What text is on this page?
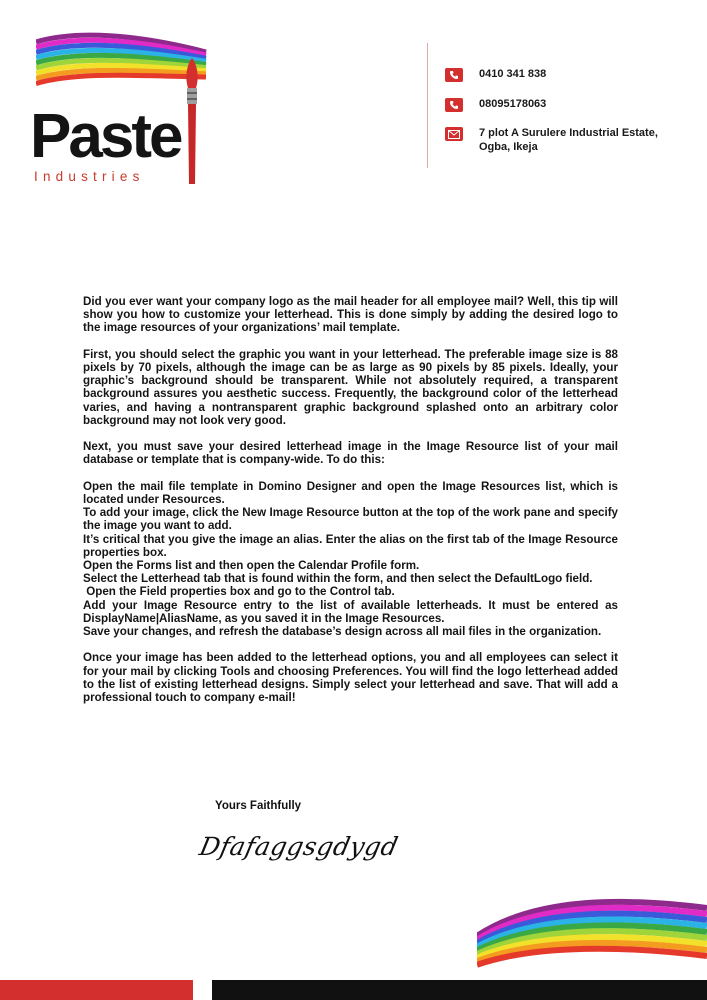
Paste
Industries
0410 341 838
08095178063
7 plot A Surulere Industrial Estate,
Ogba, Ikeja

Did you ever want your company logo as the mail header for all employee mail? Well, this tip will show you how to customize your letterhead. This is done simply by adding the desired logo to the image resources of your organizations’ mail template.

First, you should select the graphic you want in your letterhead. The preferable image size is 88 pixels by 70 pixels, although the image can be as large as 90 pixels by 85 pixels. Ideally, your graphic’s background should be transparent. While not absolutely required, a transparent background assures you aesthetic success. Frequently, the background color of the letterhead varies, and having a nontransparent graphic background splashed onto an arbitrary color background may not look very good.

Next, you must save your desired letterhead image in the Image Resource list of your mail database or template that is company-wide. To do this:

Open the mail file template in Domino Designer and open the Image Resources list, which is located under Resources.
To add your image, click the New Image Resource button at the top of the work pane and specify the image you want to add.
It’s critical that you give the image an alias. Enter the alias on the first tab of the Image Resource properties box.
Open the Forms list and then open the Calendar Profile form.
Select the Letterhead tab that is found within the form, and then select the DefaultLogo field.
Open the Field properties box and go to the Control tab.
Add your Image Resource entry to the list of available letterheads. It must be entered as DisplayName|AliasName, as you saved it in the Image Resources.
Save your changes, and refresh the database’s design across all mail files in the organization.

Once your image has been added to the letterhead options, you and all employees can select it for your mail by clicking Tools and choosing Preferences. You will find the logo letterhead added to the list of existing letterhead designs. Simply select your letterhead and save. That will add a professional touch to company e-mail!

Yours Faithfully
Dfafaggsgdygd
